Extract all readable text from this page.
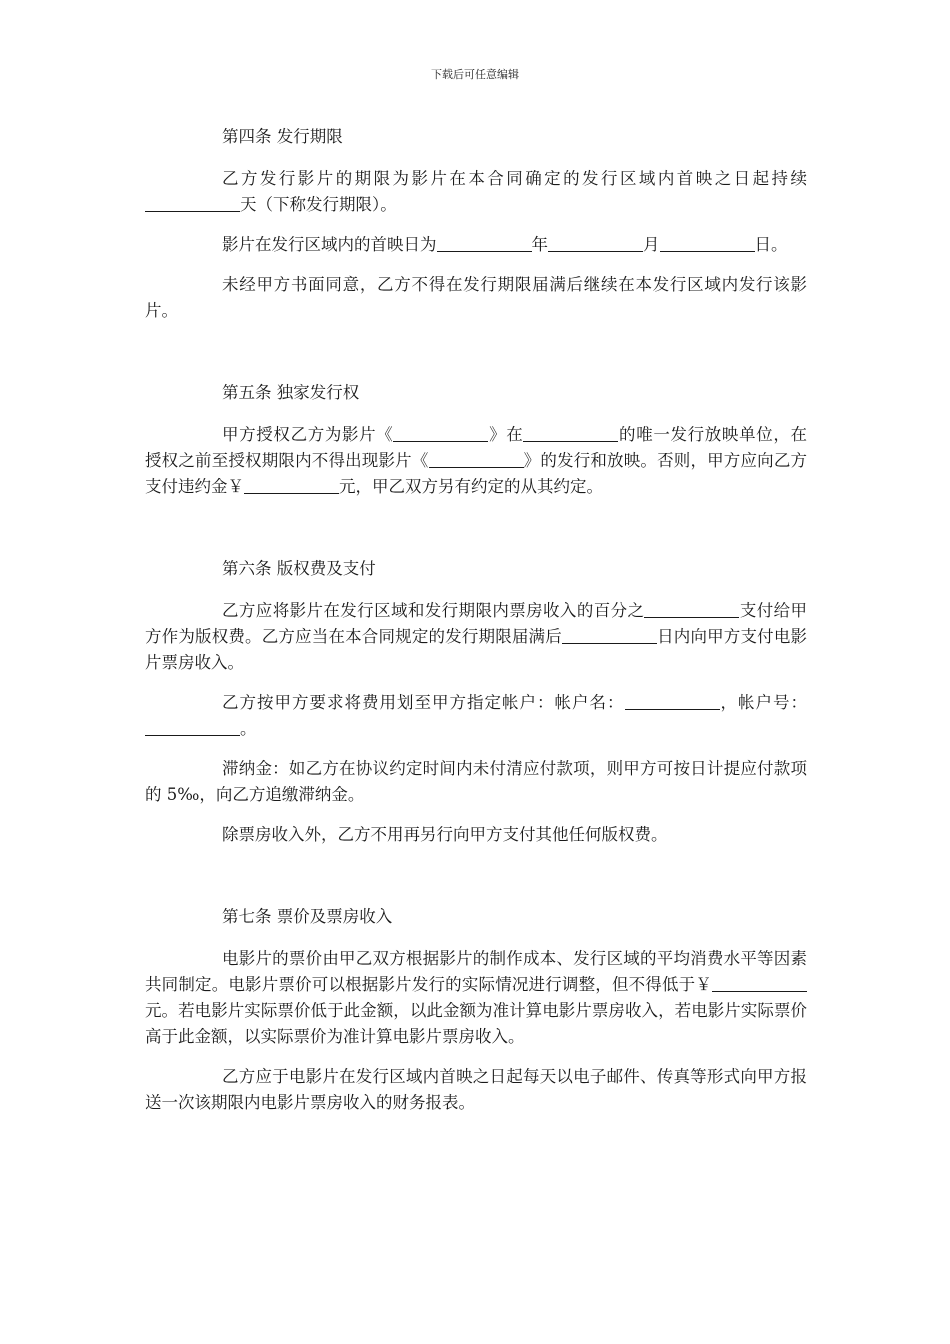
下载后可任意编辑

第四条 发行期限

乙方发行影片的期限为影片在本合同确定的发行区域内首映之日起持续天（下称发行期限）。

影片在发行区域内的首映日为	年	月	日。

未经甲方书面同意，乙方不得在发行期限届满后继续在本发行区域内发行该影片。

第五条 独家发行权

甲方授权乙方为影片《	》在	的唯一发行放映单位，在授权之前至授权期限内不得出现影片《	》的发行和放映。否则，甲方应向乙方支付违约金￥	元，甲乙双方另有约定的从其约定。

第六条 版权费及支付

乙方应将影片在发行区域和发行期限内票房收入的百分之	支付给甲方作为版权费。乙方应当在本合同规定的发行期限届满后	日内向甲方支付电影片票房收入。

乙方按甲方要求将费用划至甲方指定帐户：帐户名：	，帐户号：。

滞纳金：如乙方在协议约定时间内未付清应付款项，则甲方可按日计提应付款项的 5‰，向乙方追缴滞纳金。

除票房收入外，乙方不用再另行向甲方支付其他任何版权费。

第七条 票价及票房收入

电影片的票价由甲乙双方根据影片的制作成本、发行区域的平均消费水平等因素共同制定。电影片票价可以根据影片发行的实际情况进行调整，但不得低于￥元。若电影片实际票价低于此金额，以此金额为准计算电影片票房收入，若电影片实际票价高于此金额，以实际票价为准计算电影片票房收入。

乙方应于电影片在发行区域内首映之日起每天以电子邮件、传真等形式向甲方报送一次该期限内电影片票房收入的财务报表。
